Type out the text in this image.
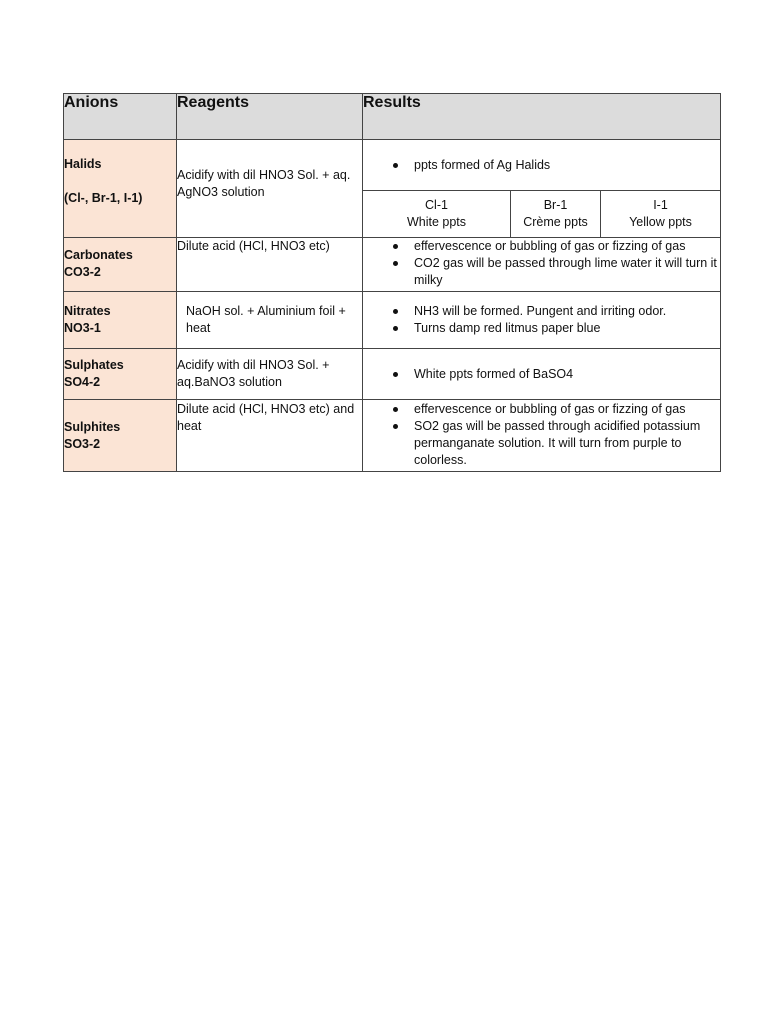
Anions	Reagents	Results

Halids
(Cl-, Br-1, I-1)
	Acidify with dil HNO3 Sol. + aq. AgNO3 solution	
ppts formed of Ag Halids
Cl-1
White ppts

Br-1
Crème ppts

I-1
Yellow ppts

Carbonates
CO3-2
	Dilute acid (HCl, HNO3 etc)	effervescence or bubbling of gas or fizzing of gas
CO2 gas will be passed through lime water it will turn it milky

Nitrates
NO3-1
	NaOH sol. + Aluminium foil + heat	
NH3 will be formed. Pungent and irriting odor.
Turns damp red litmus paper blue

Sulphates
SO4-2
	Acidify with dil HNO3 Sol. + aq.BaNO3 solution	
White ppts formed of BaSO4

Sulphites
SO3-2
	Dilute acid (HCl, HNO3 etc) and heat	
effervescence or bubbling of gas or fizzing of gas
SO2 gas will be passed through acidified potassium permanganate solution. It will turn from purple to colorless.
